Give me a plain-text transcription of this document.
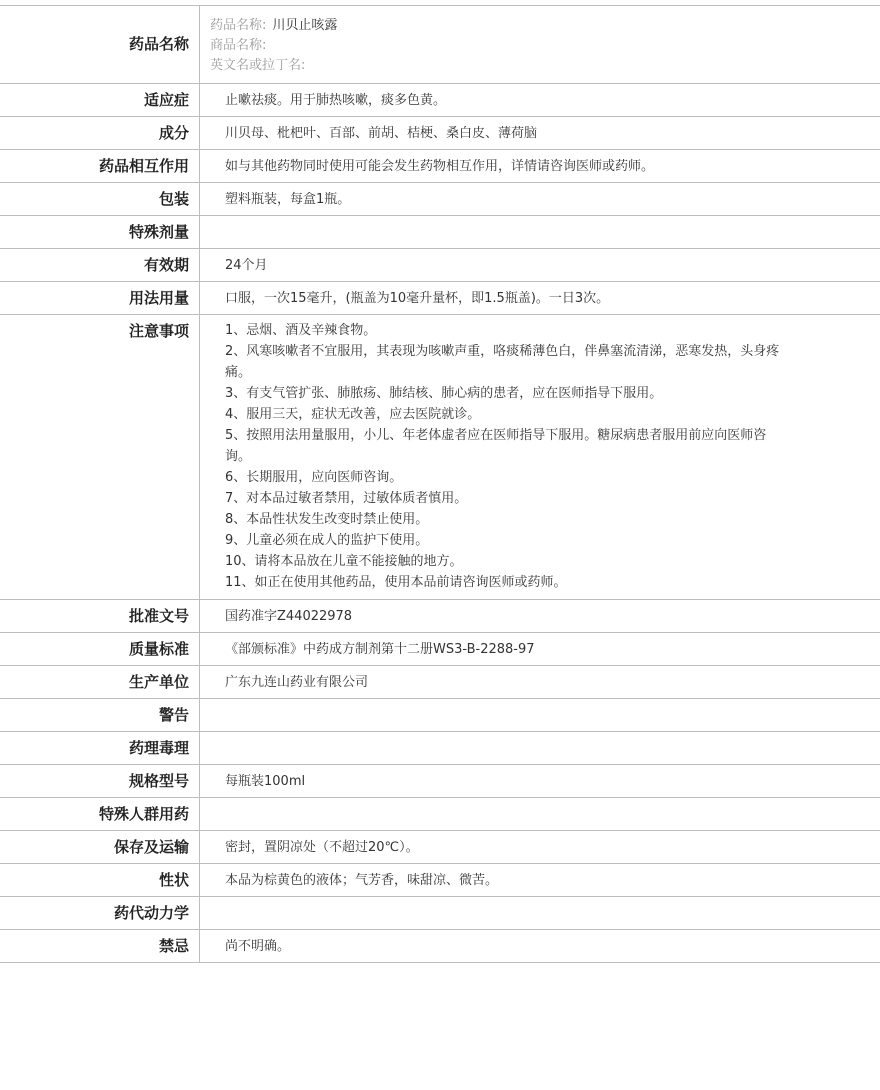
药品名称
药品名称: 川贝止咳露
商品名称:
英文名或拉丁名:
适应症	止嗽祛痰。用于肺热咳嗽，痰多色黄。
成分	川贝母、枇杷叶、百部、前胡、桔梗、桑白皮、薄荷脑
药品相互作用	如与其他药物同时使用可能会发生药物相互作用，详情请咨询医师或药师。
包装	塑料瓶装，每盒1瓶。
特殊剂量
有效期	24个月
用法用量	口服，一次15毫升，(瓶盖为10毫升量杯，即1.5瓶盖)。一日3次。
注意事项	1、忌烟、酒及辛辣食物。
2、风寒咳嗽者不宜服用，其表现为咳嗽声重，咯痰稀薄色白，伴鼻塞流清涕，恶寒发热，头身疼痛。
3、有支气管扩张、肺脓疡、肺结核、肺心病的患者，应在医师指导下服用。
4、服用三天，症状无改善，应去医院就诊。
5、按照用法用量服用，小儿、年老体虚者应在医师指导下服用。糖尿病患者服用前应向医师咨询。
6、长期服用，应向医师咨询。
7、对本品过敏者禁用，过敏体质者慎用。
8、本品性状发生改变时禁止使用。
9、儿童必须在成人的监护下使用。
10、请将本品放在儿童不能接触的地方。
11、如正在使用其他药品，使用本品前请咨询医师或药师。
批准文号	国药准字Z44022978
质量标准	《部颁标准》中药成方制剂第十二册WS3-B-2288-97
生产单位	广东九连山药业有限公司
警告
药理毒理
规格型号	每瓶装100ml
特殊人群用药
保存及运输	密封，置阴凉处（不超过20℃）。
性状	本品为棕黄色的液体；气芳香，味甜凉、微苦。
药代动力学
禁忌	尚不明确。
